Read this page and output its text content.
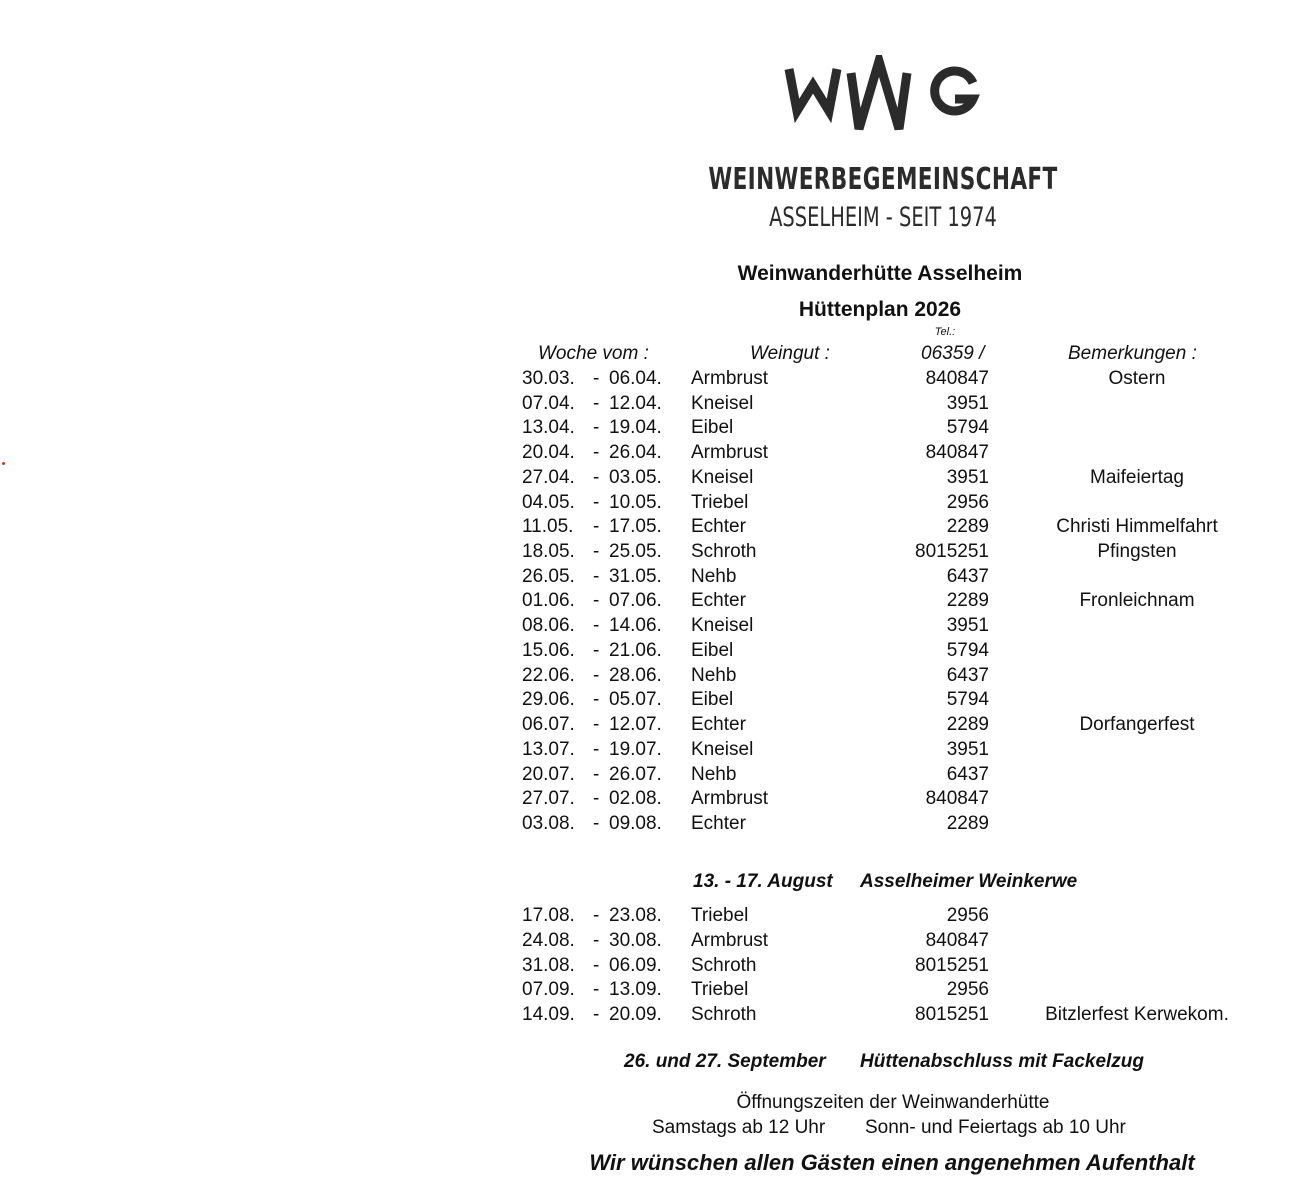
WEINWERBEGEMEINSCHAFT
ASSELHEIM - SEIT 1974
Weinwanderhütte Asselheim
Hüttenplan 2026
Tel.:
Woche vom :	Weingut :	06359 /	Bemerkungen :
30.03. - 06.04. Armbrust	840847	Ostern
07.04. - 12.04. Kneisel	3951
13.04. - 19.04. Eibel	5794
20.04. - 26.04. Armbrust	840847
27.04. - 03.05. Kneisel	3951	Maifeiertag
04.05. - 10.05. Triebel	2956
11.05. - 17.05. Echter	2289	Christi Himmelfahrt
18.05. - 25.05. Schroth	8015251	Pfingsten
26.05. - 31.05. Nehb	6437
01.06. - 07.06. Echter	2289	Fronleichnam
08.06. - 14.06. Kneisel	3951
15.06. - 21.06. Eibel	5794
22.06. - 28.06. Nehb	6437
29.06. - 05.07. Eibel	5794
06.07. - 12.07. Echter	2289	Dorfangerfest
13.07. - 19.07. Kneisel	3951
20.07. - 26.07. Nehb	6437
27.07. - 02.08. Armbrust	840847
03.08. - 09.08. Echter	2289
17.08. - 23.08. Triebel	2956
24.08. - 30.08. Armbrust	840847
31.08. - 06.09. Schroth	8015251
07.09. - 13.09. Triebel	2956
14.09. - 20.09. Schroth	8015251	Bitzlerfest Kerwekom.
13. - 17. August Asselheimer Weinkerwe
26. und 27. September Hüttenabschluss mit Fackelzug
Öffnungszeiten der Weinwanderhütte
Samstags ab 12 Uhr Sonn- und Feiertags ab 10 Uhr
Wir wünschen allen Gästen einen angenehmen Aufenthalt
